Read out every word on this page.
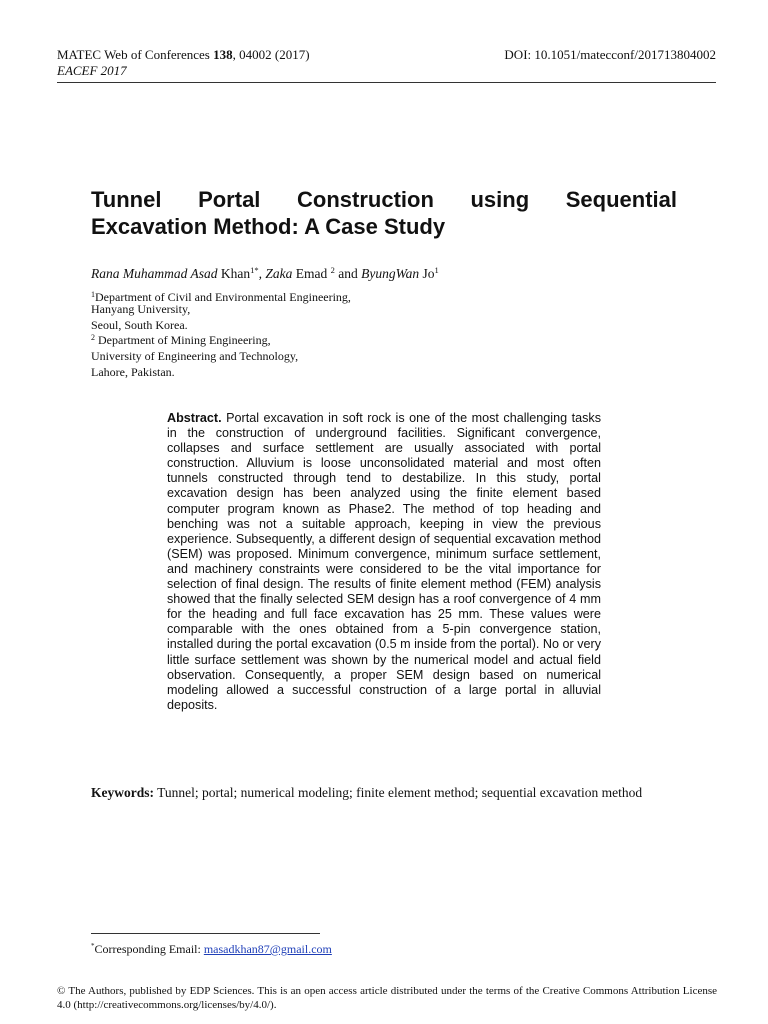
MATEC Web of Conferences 138, 04002 (2017)
EACEF 2017
DOI: 10.1051/matecconf/201713804002
Tunnel Portal Construction using Sequential Excavation Method: A Case Study
Rana Muhammad Asad Khan$^{1*}$, Zaka Emad $^2$ and ByungWan Jo$^1$
$^1$Department of Civil and Environmental Engineering,
Hanyang University,
Seoul, South Korea.
$^2$ Department of Mining Engineering,
University of Engineering and Technology,
Lahore, Pakistan.
Abstract. Portal excavation in soft rock is one of the most challenging tasks in the construction of underground facilities. Significant convergence, collapses and surface settlement are usually associated with portal construction. Alluvium is loose unconsolidated material and most often tunnels constructed through tend to destabilize. In this study, portal excavation design has been analyzed using the finite element based computer program known as Phase2. The method of top heading and benching was not a suitable approach, keeping in view the previous experience. Subsequently, a different design of sequential excavation method (SEM) was proposed. Minimum convergence, minimum surface settlement, and machinery constraints were considered to be the vital importance for selection of final design. The results of finite element method (FEM) analysis showed that the finally selected SEM design has a roof convergence of 4 mm for the heading and full face excavation has 25 mm. These values were comparable with the ones obtained from a 5-pin convergence station, installed during the portal excavation (0.5 m inside from the portal). No or very little surface settlement was shown by the numerical model and actual field observation. Consequently, a proper SEM design based on numerical modeling allowed a successful construction of a large portal in alluvial deposits.
Keywords: Tunnel; portal; numerical modeling; finite element method; sequential excavation method
*Corresponding Email: masadkhan87@gmail.com
© The Authors, published by EDP Sciences. This is an open access article distributed under the terms of the Creative Commons Attribution License 4.0 (http://creativecommons.org/licenses/by/4.0/).
